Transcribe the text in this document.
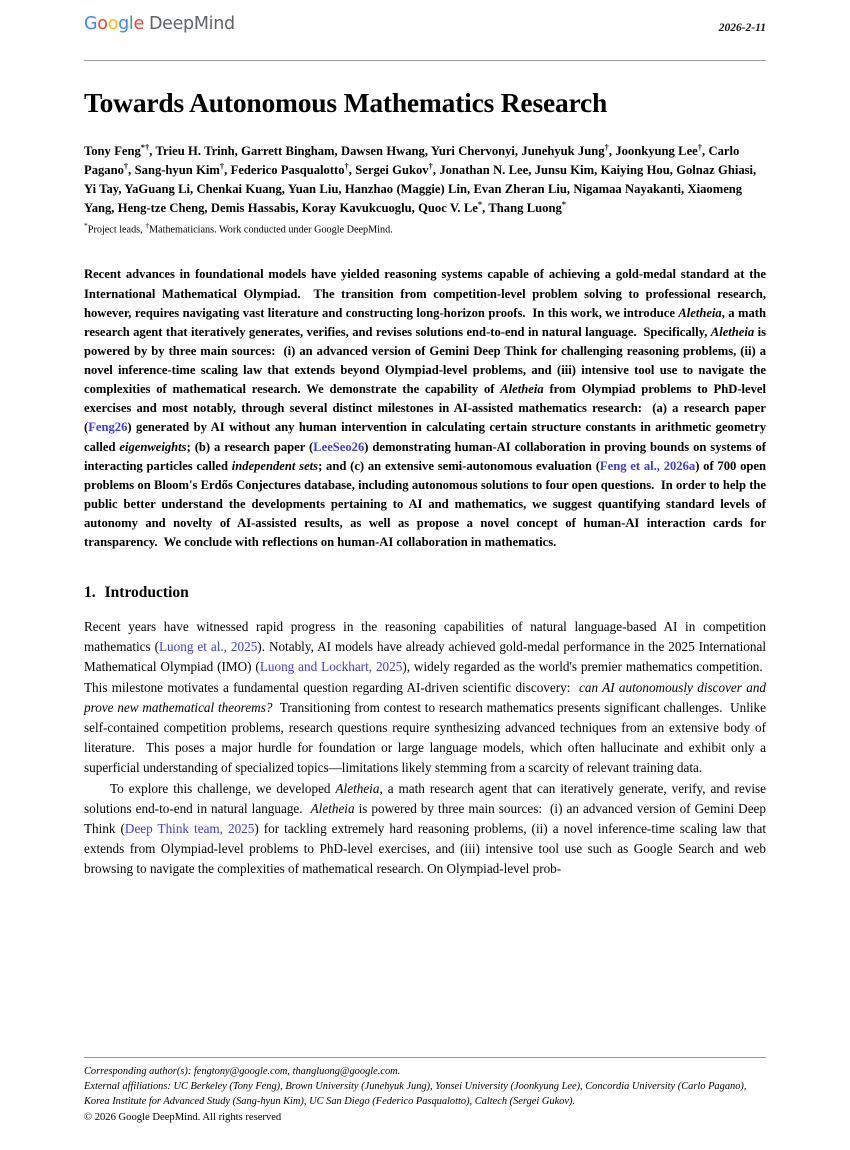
Google DeepMind	2026-2-11
Towards Autonomous Mathematics Research
Tony Feng*†, Trieu H. Trinh, Garrett Bingham, Dawsen Hwang, Yuri Chervonyi, Junehyuk Jung†, Joonkyung Lee†, Carlo Pagano†, Sang-hyun Kim†, Federico Pasqualotto†, Sergei Gukov†, Jonathan N. Lee, Junsu Kim, Kaiying Hou, Golnaz Ghiasi, Yi Tay, YaGuang Li, Chenkai Kuang, Yuan Liu, Hanzhao (Maggie) Lin, Evan Zheran Liu, Nigamaa Nayakanti, Xiaomeng Yang, Heng-tze Cheng, Demis Hassabis, Koray Kavukcuoglu, Quoc V. Le*, Thang Luong*
*Project leads, †Mathematicians. Work conducted under Google DeepMind.

Recent advances in foundational models have yielded reasoning systems capable of achieving a gold-medal standard at the International Mathematical Olympiad.  The transition from competition-level problem solving to professional research, however, requires navigating vast literature and constructing long-horizon proofs.  In this work, we introduce Aletheia, a math research agent that iteratively generates, verifies, and revises solutions end-to-end in natural language.  Specifically, Aletheia is powered by by three main sources:  (i) an advanced version of Gemini Deep Think for challenging reasoning problems, (ii) a novel inference-time scaling law that extends beyond Olympiad-level problems, and (iii) intensive tool use to navigate the complexities of mathematical research. We demonstrate the capability of Aletheia from Olympiad problems to PhD-level exercises and most notably, through several distinct milestones in AI-assisted mathematics research:  (a) a research paper (Feng26) generated by AI without any human intervention in calculating certain structure constants in arithmetic geometry called eigenweights; (b) a research paper (LeeSeo26) demonstrating human-AI collaboration in proving bounds on systems of interacting particles called independent sets; and (c) an extensive semi-autonomous evaluation (Feng et al., 2026a) of 700 open problems on Bloom's Erdős Conjectures database, including autonomous solutions to four open questions.  In order to help the public better understand the developments pertaining to AI and mathematics, we suggest quantifying standard levels of autonomy and novelty of AI-assisted results, as well as propose a novel concept of human-AI interaction cards for transparency.  We conclude with reflections on human-AI collaboration in mathematics.

1. Introduction

Recent years have witnessed rapid progress in the reasoning capabilities of natural language-based AI in competition mathematics (Luong et al., 2025). Notably, AI models have already achieved gold-medal performance in the 2025 International Mathematical Olympiad (IMO) (Luong and Lockhart, 2025), widely regarded as the world's premier mathematics competition.  This milestone motivates a fundamental question regarding AI-driven scientific discovery:  can AI autonomously discover and prove new mathematical theorems?  Transitioning from contest to research mathematics presents significant challenges.  Unlike self-contained competition problems, research questions require synthesizing advanced techniques from an extensive body of literature.  This poses a major hurdle for foundation or large language models, which often hallucinate and exhibit only a superficial understanding of specialized topics—limitations likely stemming from a scarcity of relevant training data.

To explore this challenge, we developed Aletheia, a math research agent that can iteratively generate, verify, and revise solutions end-to-end in natural language.  Aletheia is powered by three main sources:  (i) an advanced version of Gemini Deep Think (Deep Think team, 2025) for tackling extremely hard reasoning problems, (ii) a novel inference-time scaling law that extends from Olympiad-level problems to PhD-level exercises, and (iii) intensive tool use such as Google Search and web browsing to navigate the complexities of mathematical research. On Olympiad-level prob-

Corresponding author(s): fengtony@google.com, thangluong@google.com.

External affiliations: UC Berkeley (Tony Feng), Brown University (Junehyuk Jung), Yonsei University (Joonkyung Lee), Concordia University (Carlo Pagano), Korea Institute for Advanced Study (Sang-hyun Kim), UC San Diego (Federico Pasqualotto), Caltech (Sergei Gukov).

© 2026 Google DeepMind. All rights reserved
